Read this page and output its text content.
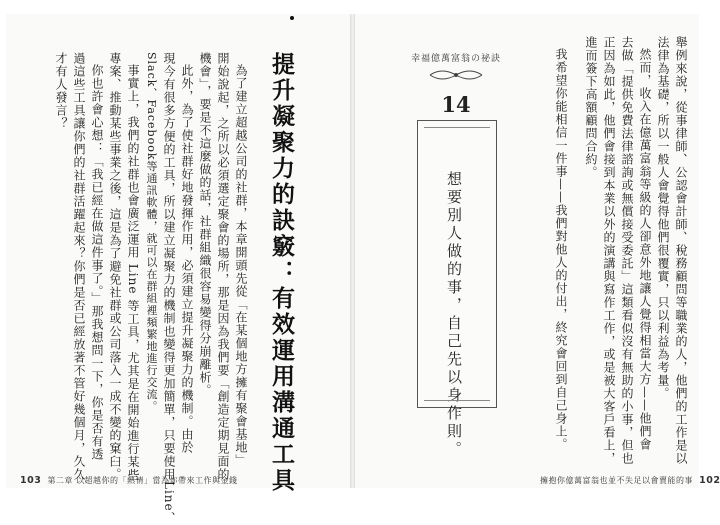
提升凝聚力的訣竅：有效運用溝通工具
為了建立超越公司的社群，本章開頭先從「在某個地方擁有聚會基地」
開始說起，之所以必須選定聚會的場所，那是因為我們要「創造定期見面的
機會」，要是不這麼做的話，社群組織很容易變得分崩離析。
此外，為了使社群好地發揮作用，必須建立提升凝聚力的機制。由於
現今有很多方便的工具，所以建立凝聚力的機制也變得更加簡單，只要使用Line、
Slack、Facebook等通訊軟體，就可以在群組裡頻繁地進行交流。
事實上，我們的社群也會廣泛運用 Line 等工具，尤其是在開始進行某些
專案、推動某些事業之後，這是為了避免社群或公司落入一成不變的窠臼。
你也許會心想：「我已經在做這件事了。」那我想問一下，你是否有透
過這些工具讓你們的社群活躍起來？你們是否已經放著不管好幾個月，久久
才有人發言？
103 第二章 以超越你的「熱情」當為你帶來工作與金錢
幸福億萬富翁の祕訣
14
想要別人做的事，自己先以身作則。	舉例來說，從事律師、公認會計師、稅務顧問等職業的人，他們的工作是以
法律為基礎，所以一般人會覺得他們很覆實，只以利益為考量。
然而，收入在億萬富翁等級的人卻意外地讓人覺得相當大方——他們會
去做「提供免費法律諮詢或無償接受委託」這類看似沒有無助的小事，但也
正因為如此，他們會接到本業以外的演講與寫作工作，或是被大客戶看上，
進而簽下高額顧問合約。
我希望你能相信一件事——我們對他人的付出，終究會回到自己身上。
擁抱你億萬富翁也並不失足以會賣能的事 102
